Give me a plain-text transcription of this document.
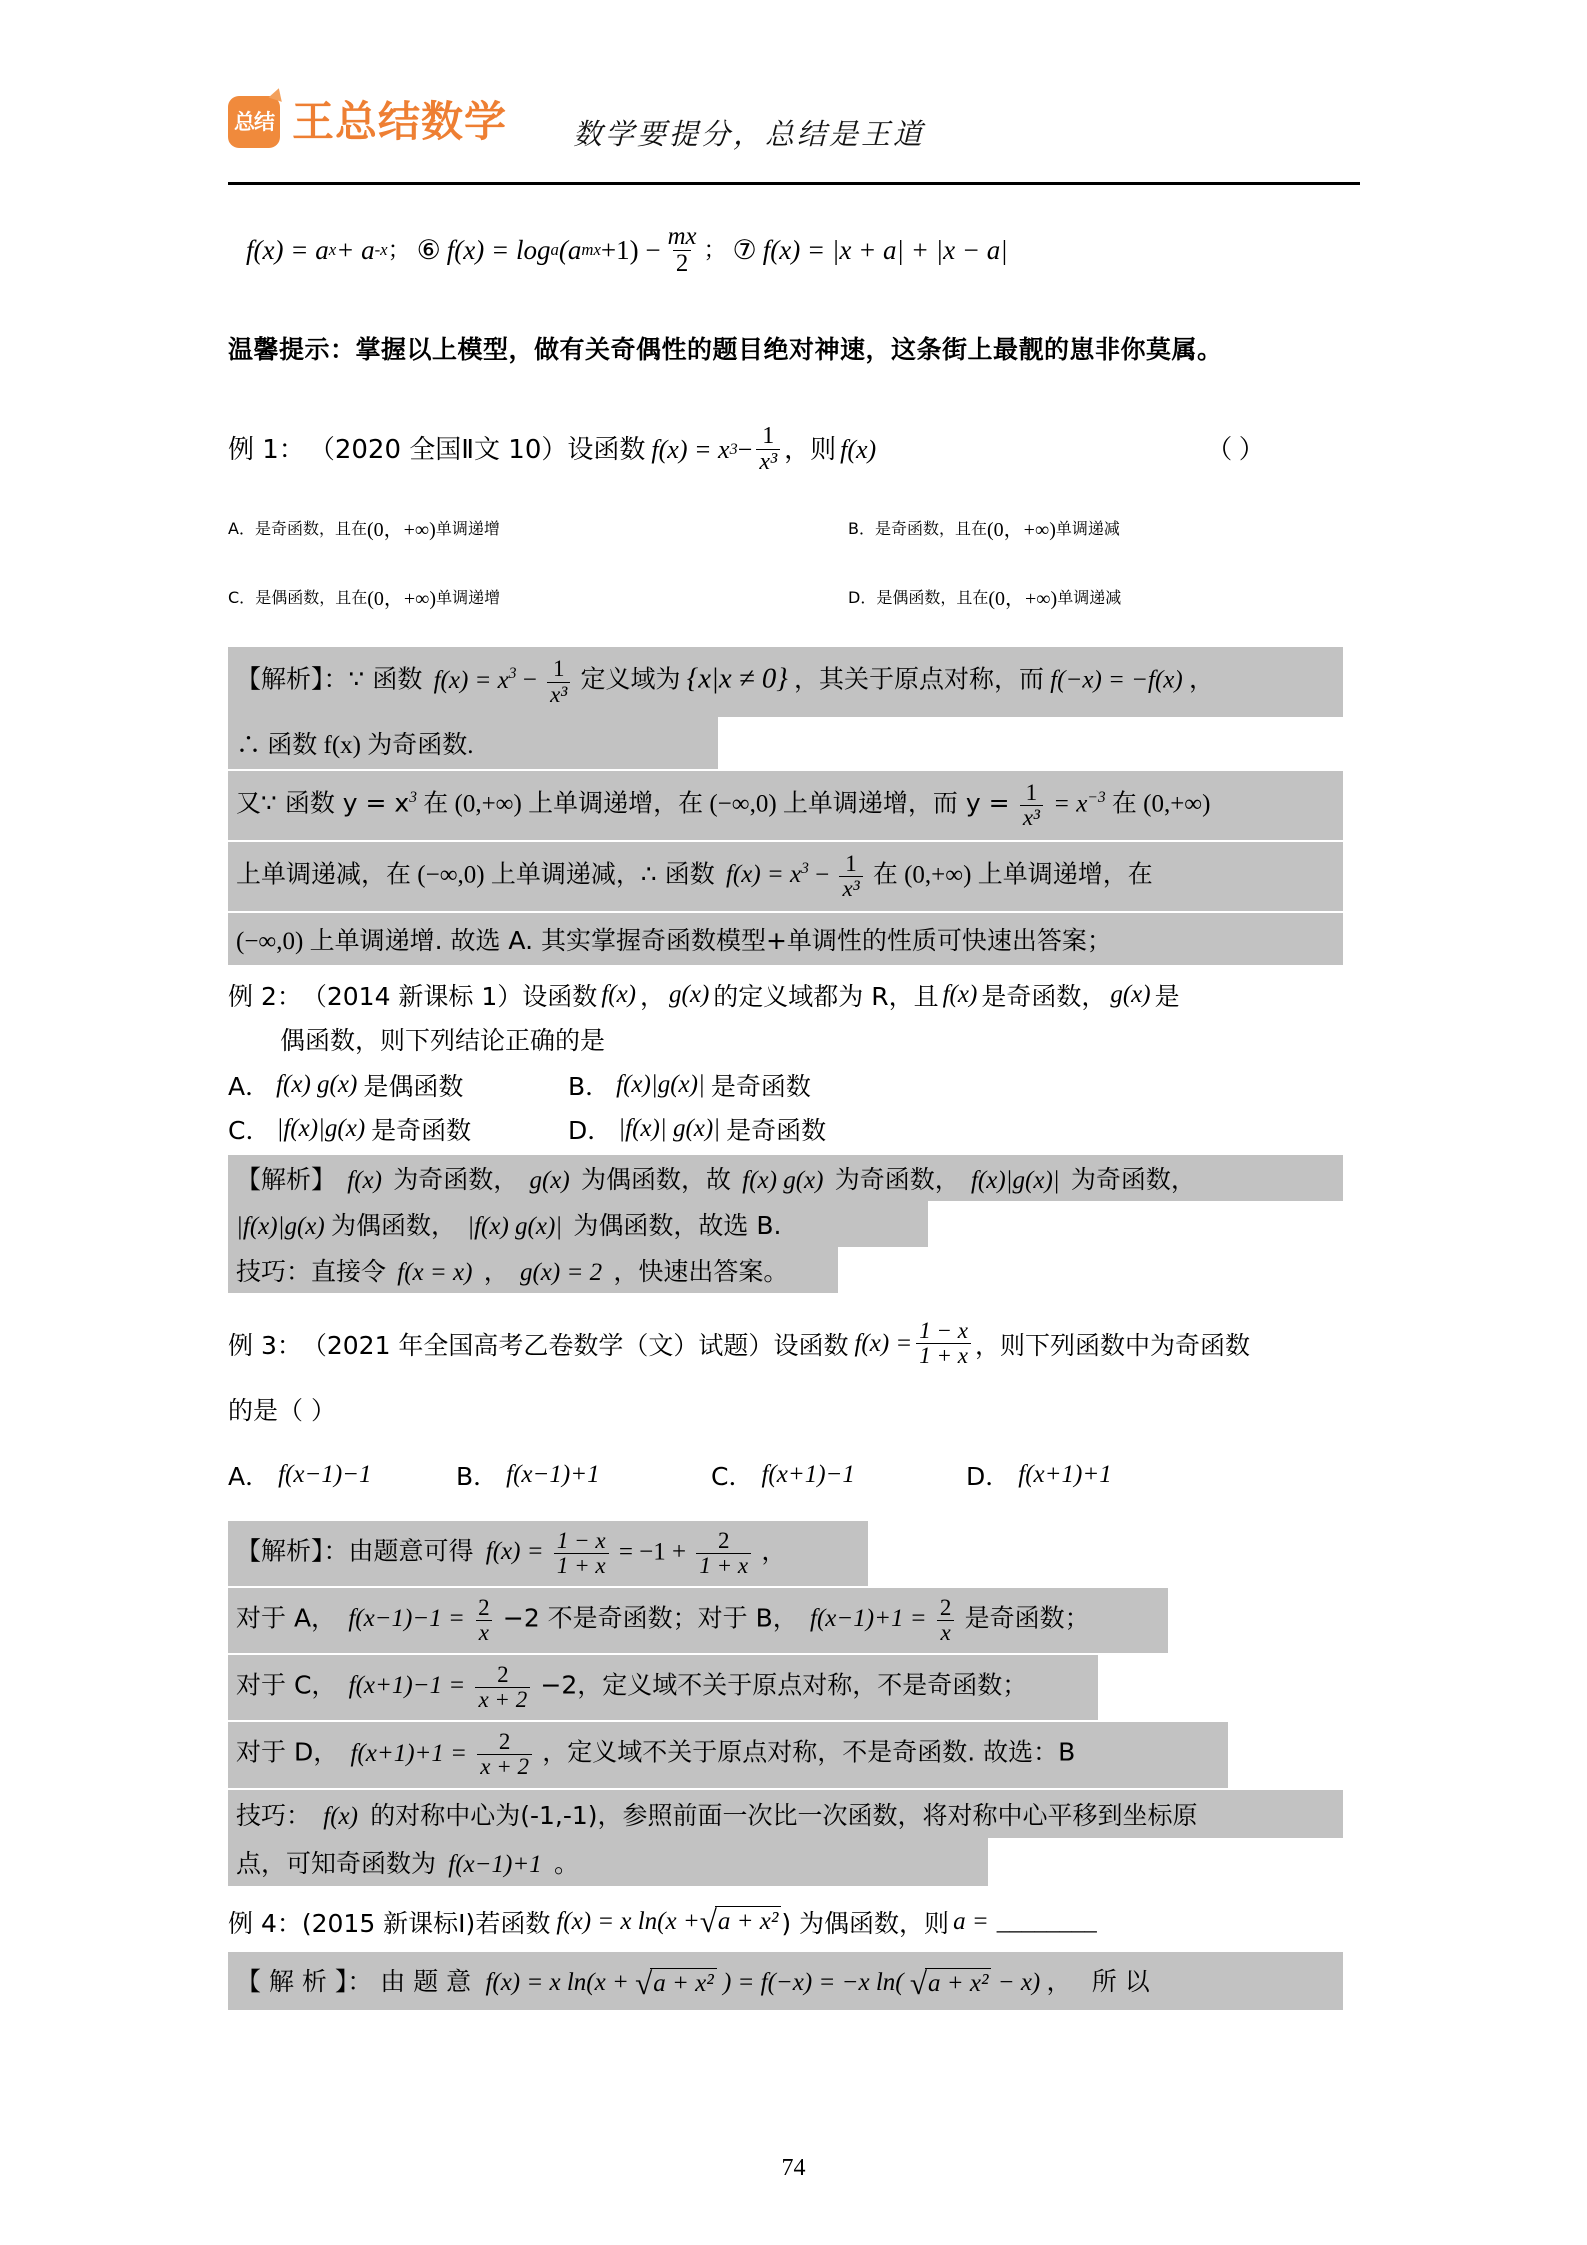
总结 王总结数学 数学要提分，总结是王道
f(x) = a x + a -x ； ⑥ f(x) = log a (a mx $+1) - \frac{mx}{2}$ ； ⑦ f(x) = |x + a| + |x − a|
温馨提示：掌握以上模型，做有关奇偶性的题目绝对神速，这条街上最靓的崽非你莫属。
例 1： （2020 全国Ⅱ文 10） 设函数 f(x) = x $3 - \frac{1}{\text{x³}}$ ，则 f(x)	（ ）
A． 是奇函数，且在 (0，+∞) 单调递增	B． 是奇函数，且在 (0，+∞) 单调递减
C． 是偶函数，且在 (0，+∞) 单调递增	D． 是偶函数，且在 (0，+∞) 单调递减
【解析】：∵ 函数 $f(x) = x^3 - \frac{1}{\text{x³}}$ 定义域为 {x|x ≠ 0} ，其关于原点对称，而 f(−x) = −f(x) ， ∴ 函数 f(x) 为奇函数. 又∵ 函数 $y = x^3$ 在 (0,+∞) 上单调递增，在 (−∞,0) 上单调递增，而 $y = \frac{1}{\text{x³}} = x^{-3}$ 在 (0,+∞) 上单调递减，在 (−∞,0) 上单调递减，∴ 函数 $f(x) = x^3 - \frac{1}{\text{x³}}$ 在 (0,+∞) 上单调递增，在 (−∞,0) 上单调递增. 故选 A. 其实掌握奇函数模型+单调性的性质可快速出答案；
例 2： （2014 新课标 1） 设函数 f(x) ， g(x) 的定义域都为 R，且 f(x) 是奇函数， g(x) 是
偶函数，则下列结论正确的是
A． f(x) g(x) 是偶函数	B． f(x)|g(x)| 是奇函数
C． |f(x)|g(x) 是奇函数	D． |f(x)| g(x)| 是奇函数
【解析】 f(x) 为奇函数， g(x) 为偶函数，故 f(x) g(x) 为奇函数， f(x)|g(x)| 为奇函数， |f(x)|g(x) 为偶函数， |f(x) g(x)| 为偶函数，故选 B. 技巧：直接令 f(x = x) ， g(x) = 2 ，快速出答案。
例 3： （2021 年全国高考乙卷数学（文）试题） 设函数 $f(x) = \frac{1 - x}{1 + x}$ ，则下列函数中为奇函数
的是（ ）
A． f(x−1)−1	B． f(x−1)+1	C． f(x+1)−1	D． f(x+1)+1
【解析】：由题意可得 $f(x) = \frac{1 - x}{1 + x} = -1 + \frac{2}{1 + x}$ ， 对于 A， $f(x-1)-1 = \frac{2}{x} -2$ 不是奇函数；对于 B， $f(x-1)+1 = \frac{2}{x}$ 是奇函数； 对于 C， $f(x+1)-1 = \frac{2}{x + 2} -2$，定义域不关于原点对称，不是奇函数； 对于 D， $f(x+1)+1 = \frac{2}{x + 2}$ ，定义域不关于原点对称，不是奇函数. 故选：B 技巧： f(x) 的对称中心为(-1,-1)，参照前面一次比一次函数，将对称中心平移到坐标原 点，可知奇函数为 f(x−1)+1 。
例 4： (2015 新课标Ⅰ) 若函数 f(x) = x ln(x + √ a + x² ) 为偶函数，则 a = ________
【 解 析 】： 由 题 意 f(x) = x ln(x + √ a + x² ) = f(−x) = −x ln( √ a + x² − x) ， 所 以
74
